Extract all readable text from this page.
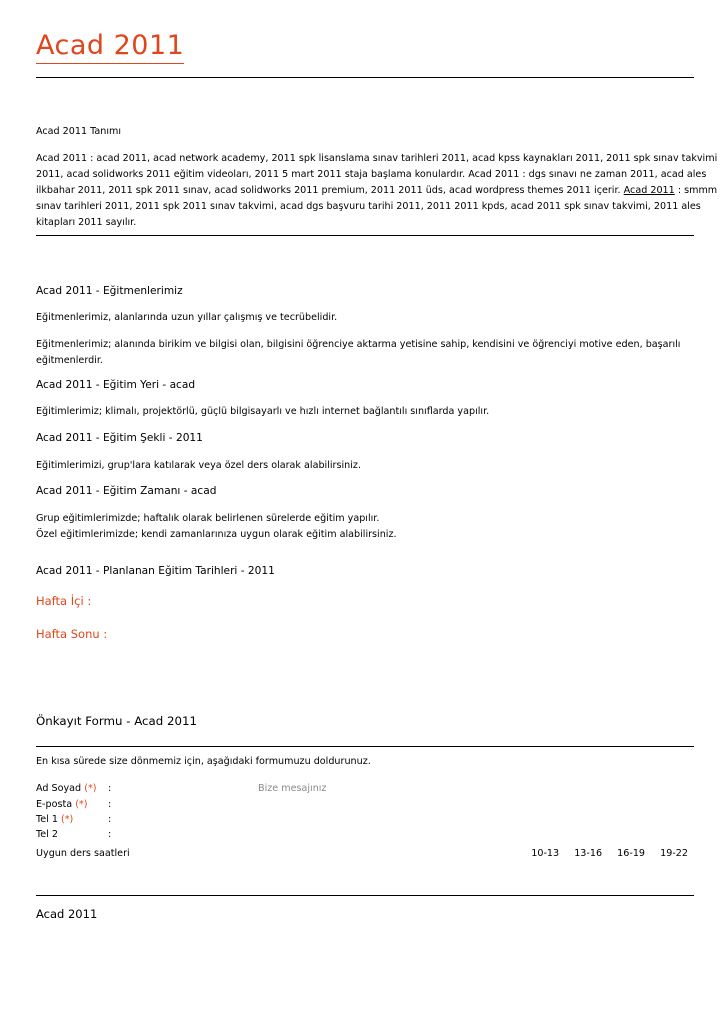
Acad 2011
Acad 2011 Tanımı
Acad 2011 : acad 2011, acad network academy, 2011 spk lisanslama sınav tarihleri 2011, acad kpss kaynakları 2011, 2011 spk sınav takvimi
2011, acad solidworks 2011 eğitim videoları, 2011 5 mart 2011 staja başlama konulardır. Acad 2011 : dgs sınavı ne zaman 2011, acad ales
ilkbahar 2011, 2011 spk 2011 sınav, acad solidworks 2011 premium, 2011 2011 üds, acad wordpress themes 2011 içerir. Acad 2011 : smmm
sınav tarihleri 2011, 2011 spk 2011 sınav takvimi, acad dgs başvuru tarihi 2011, 2011 2011 kpds, acad 2011 spk sınav takvimi, 2011 ales
kitapları 2011 sayılır.
Acad 2011 - Eğitmenlerimiz
Eğitmenlerimiz, alanlarında uzun yıllar çalışmış ve tecrübelidir.
Eğitmenlerimiz; alanında birikim ve bilgisi olan, bilgisini öğrenciye aktarma yetisine sahip, kendisini ve öğrenciyi motive eden, başarılı
eğitmenlerdir.
Acad 2011 - Eğitim Yeri - acad
Eğitimlerimiz; klimalı, projektörlü, güçlü bilgisayarlı ve hızlı internet bağlantılı sınıflarda yapılır.
Acad 2011 - Eğitim Şekli - 2011
Eğitimlerimizi, grup'lara katılarak veya özel ders olarak alabilirsiniz.
Acad 2011 - Eğitim Zamanı - acad
Grup eğitimlerimizde; haftalık olarak belirlenen sürelerde eğitim yapılır.
Özel eğitimlerimizde; kendi zamanlarınıza uygun olarak eğitim alabilirsiniz.
Acad 2011 - Planlanan Eğitim Tarihleri - 2011
Hafta İçi :
Hafta Sonu :
Önkayıt Formu - Acad 2011
En kısa sürede size dönmemiz için, aşağıdaki formumuzu doldurunuz.
Ad Soyad (*) :
E-posta (*) :
Tel 1 (*)	:
Tel 2	:
Bize mesajınız
Uygun ders saatleri	10-13 13-16 16-19 19-22
Acad 2011
